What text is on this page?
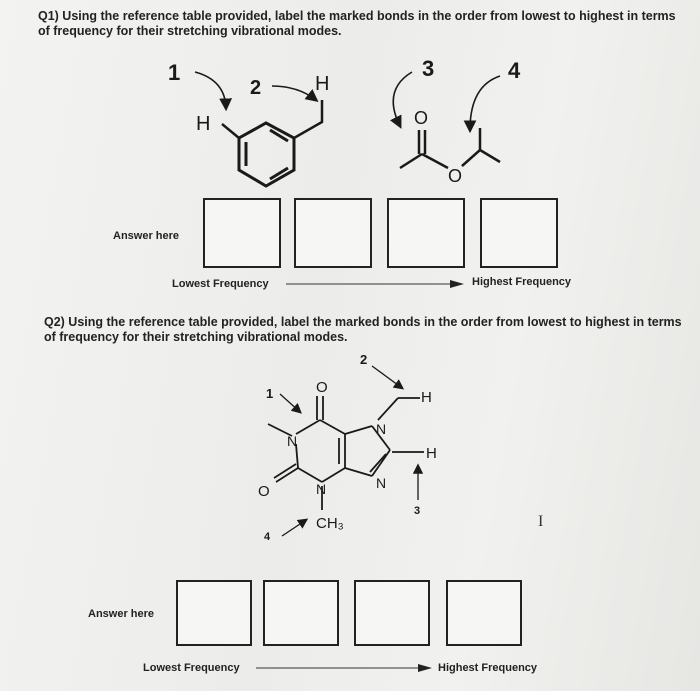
Q1) Using the reference table provided, label the marked bonds in the order from lowest to highest in terms
of frequency for their stretching vibrational modes.
H
H
1
2
3	4
O
O
Answer here
Lowest Frequency	Highest Frequency
Q2) Using the reference table provided, label the marked bonds in the order from lowest to highest in terms
of frequency for their stretching vibrational modes.
O
O
N
N
N
N
H
H
CH₃
1
2
3
4
I
Answer here
Lowest Frequency	Highest Frequency
